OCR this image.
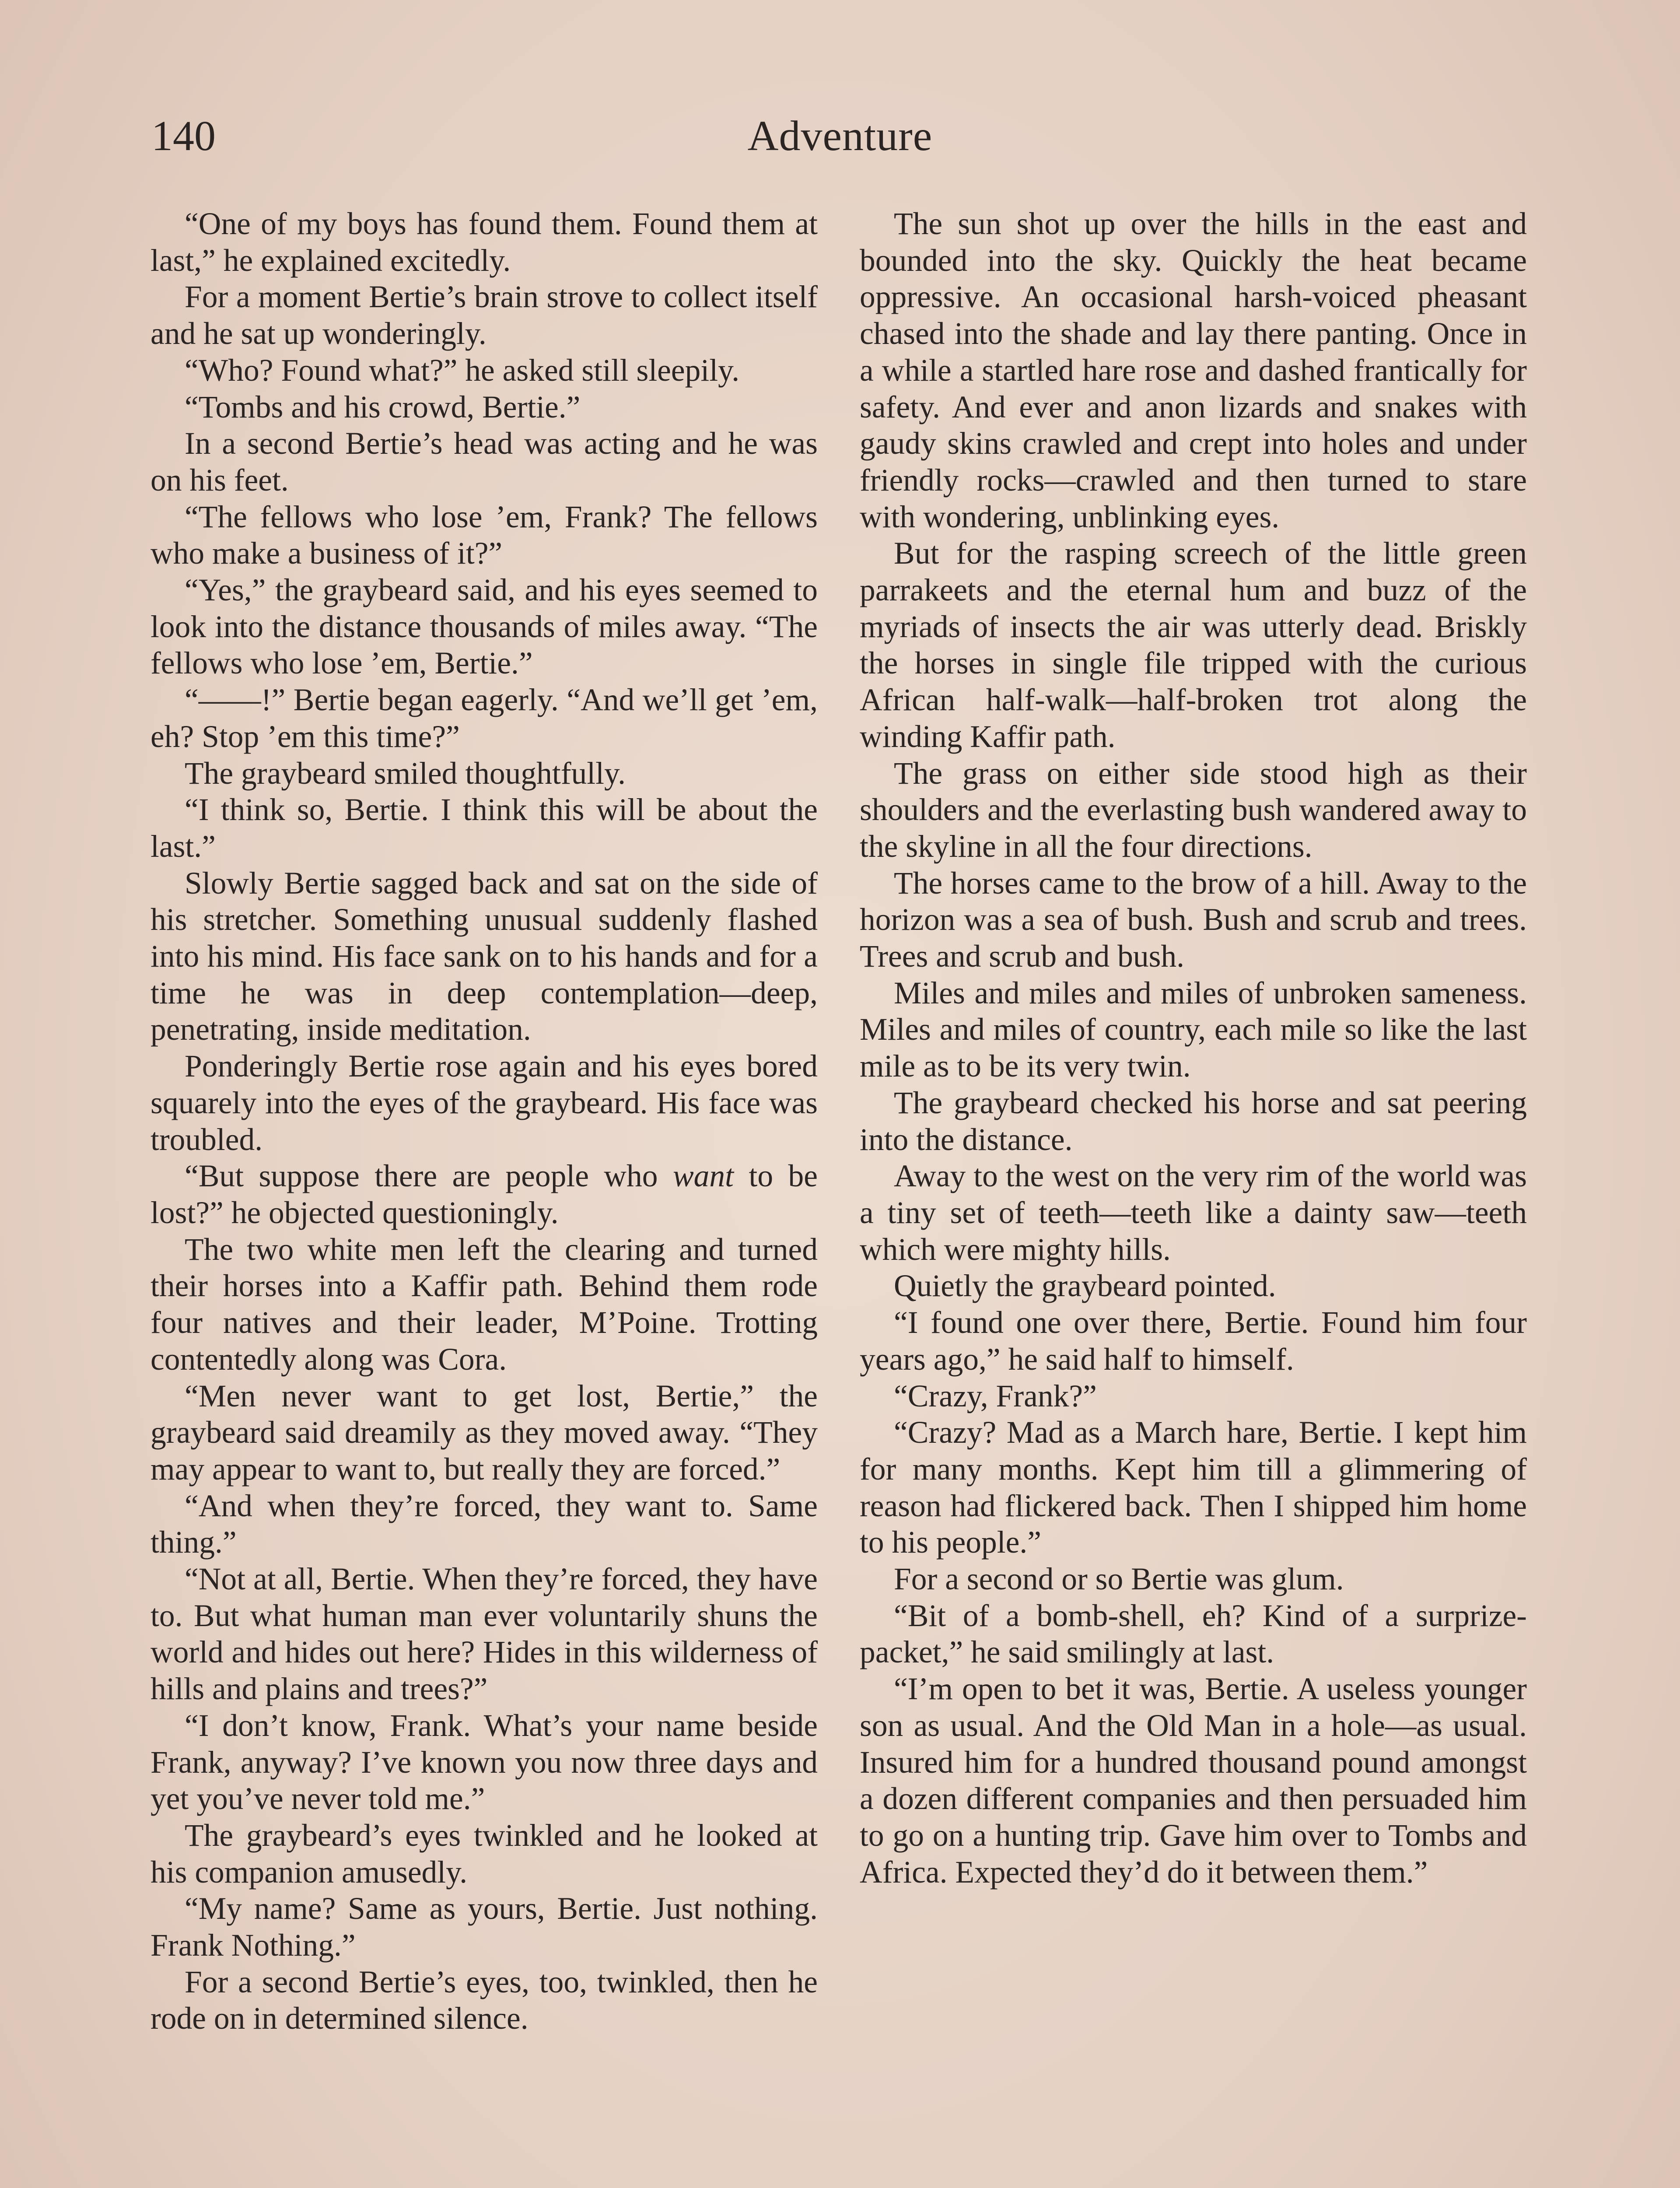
140	Adventure

“One of my boys has found them. Found them at last,” he explained excitedly.

For a moment Bertie’s brain strove to collect itself and he sat up wonderingly.

“Who? Found what?” he asked still sleepily.

“Tombs and his crowd, Bertie.”

In a second Bertie’s head was acting and he was on his feet.

“The fellows who lose ’em, Frank? The fellows who make a business of it?”

“Yes,” the graybeard said, and his eyes seemed to look into the distance thousands of miles away. “The fellows who lose ’em, Bertie.”

“——!” Bertie began eagerly. “And we’ll get ’em, eh? Stop ’em this time?”

The graybeard smiled thoughtfully.

“I think so, Bertie. I think this will be about the last.”

Slowly Bertie sagged back and sat on the side of his stretcher. Something unusual suddenly flashed into his mind. His face sank on to his hands and for a time he was in deep contemplation—deep, penetrating, inside meditation.

Ponderingly Bertie rose again and his eyes bored squarely into the eyes of the graybeard. His face was troubled.

“But suppose there are people who want to be lost?” he objected questioningly.

The two white men left the clearing and turned their horses into a Kaffir path. Behind them rode four natives and their leader, M’Poine. Trotting contentedly along was Cora.

“Men never want to get lost, Bertie,” the graybeard said dreamily as they moved away. “They may appear to want to, but really they are forced.”

“And when they’re forced, they want to. Same thing.”

“Not at all, Bertie. When they’re forced, they have to. But what human man ever voluntarily shuns the world and hides out here? Hides in this wilderness of hills and plains and trees?”

“I don’t know, Frank. What’s your name beside Frank, anyway? I’ve known you now three days and yet you’ve never told me.”

The graybeard’s eyes twinkled and he looked at his companion amusedly.

“My name? Same as yours, Bertie. Just nothing. Frank Nothing.”

For a second Bertie’s eyes, too, twinkled, then he rode on in determined silence.

The sun shot up over the hills in the east and bounded into the sky. Quickly the heat became oppressive. An occasional harsh-voiced pheasant chased into the shade and lay there panting. Once in a while a startled hare rose and dashed frantically for safety. And ever and anon lizards and snakes with gaudy skins crawled and crept into holes and under friendly rocks—crawled and then turned to stare with wondering, unblinking eyes.

But for the rasping screech of the little green parrakeets and the eternal hum and buzz of the myriads of insects the air was utterly dead. Briskly the horses in single file tripped with the curious African half-walk—half-broken trot along the winding Kaffir path.

The grass on either side stood high as their shoulders and the everlasting bush wandered away to the skyline in all the four directions.

The horses came to the brow of a hill. Away to the horizon was a sea of bush. Bush and scrub and trees. Trees and scrub and bush.

Miles and miles and miles of unbroken sameness. Miles and miles of country, each mile so like the last mile as to be its very twin.

The graybeard checked his horse and sat peering into the distance.

Away to the west on the very rim of the world was a tiny set of teeth—teeth like a dainty saw—teeth which were mighty hills.

Quietly the graybeard pointed.

“I found one over there, Bertie. Found him four years ago,” he said half to himself.

“Crazy, Frank?”

“Crazy? Mad as a March hare, Bertie. I kept him for many months. Kept him till a glimmering of reason had flickered back. Then I shipped him home to his people.”

For a second or so Bertie was glum.

“Bit of a bomb-shell, eh? Kind of a surprize-packet,” he said smilingly at last.

“I’m open to bet it was, Bertie. A useless younger son as usual. And the Old Man in a hole—as usual. Insured him for a hundred thousand pound amongst a dozen different companies and then persuaded him to go on a hunting trip. Gave him over to Tombs and Africa. Expected they’d do it between them.”
